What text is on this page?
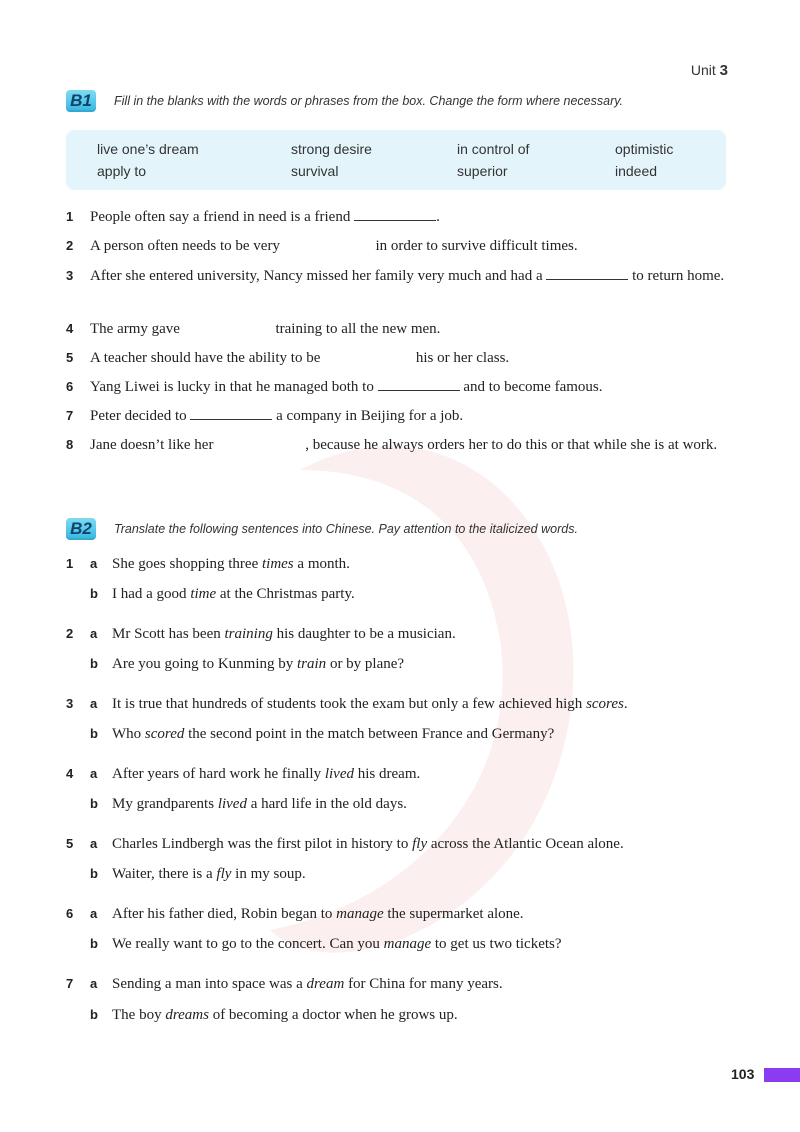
Unit 3
B1	Fill in the blanks with the words or phrases from the box. Change the form where necessary.
live one’s dream	strong desire	in control of	optimistic
apply to	survival	superior	indeed
1 People often say a friend in need is a friend	.
2 A person often needs to be very	in order to survive difficult times.
3 After she entered university, Nancy missed her family very much and had a	to return home.
4 The army gave	training to all the new men.
5 A teacher should have the ability to be	his or her class.
6 Yang Liwei is lucky in that he managed both to	and to become famous.
7 Peter decided to	a company in Beijing for a job.
8 Jane doesn’t like her	, because he always orders her to do this or that while she is at work.
B2	Translate the following sentences into Chinese. Pay attention to the italicized words.
1 a She goes shopping three times a month.
b I had a good time at the Christmas party.
2 a Mr Scott has been training his daughter to be a musician.
b Are you going to Kunming by train or by plane?
3 a It is true that hundreds of students took the exam but only a few achieved high scores.
b Who scored the second point in the match between France and Germany?
4 a After years of hard work he finally lived his dream.
b My grandparents lived a hard life in the old days.
5 a Charles Lindbergh was the first pilot in history to fly across the Atlantic Ocean alone.
b Waiter, there is a fly in my soup.
6 a After his father died, Robin began to manage the supermarket alone.
b We really want to go to the concert. Can you manage to get us two tickets?
7 a Sending a man into space was a dream for China for many years.
b The boy dreams of becoming a doctor when he grows up.
103
